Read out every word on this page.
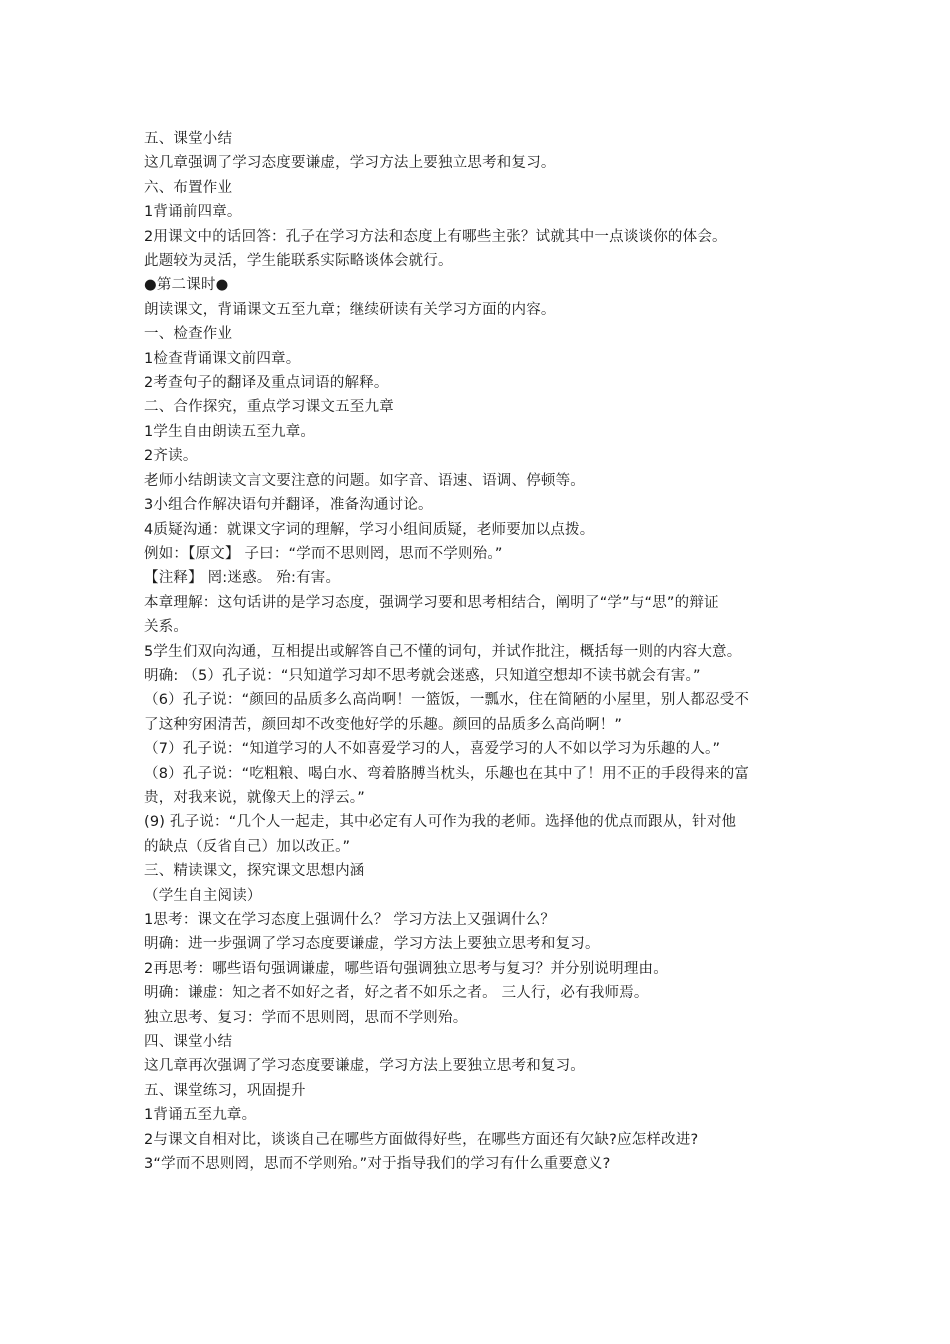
五、课堂小结
这几章强调了学习态度要谦虚，学习方法上要独立思考和复习。
六、布置作业
1背诵前四章。
2用课文中的话回答：孔子在学习方法和态度上有哪些主张？试就其中一点谈谈你的体会。
此题较为灵活，学生能联系实际略谈体会就行。
●第二课时●
朗读课文，背诵课文五至九章；继续研读有关学习方面的内容。
一、检查作业
1检查背诵课文前四章。
2考查句子的翻译及重点词语的解释。
二、合作探究，重点学习课文五至九章
1学生自由朗读五至九章。
2齐读。
老师小结朗读文言文要注意的问题。如字音、语速、语调、停顿等。
3小组合作解决语句并翻译，准备沟通讨论。
4质疑沟通：就课文字词的理解，学习小组间质疑，老师要加以点拨。
例如：【原文】 子曰：“学而不思则罔，思而不学则殆。”
【注释】 罔:迷惑。 殆:有害。
本章理解：这句话讲的是学习态度，强调学习要和思考相结合，阐明了“学”与“思”的辩证
关系。
5学生们双向沟通，互相提出或解答自己不懂的词句，并试作批注，概括每一则的内容大意。
明确: （5）孔子说：“只知道学习却不思考就会迷惑，只知道空想却不读书就会有害。”
（6）孔子说：“颜回的品质多么高尚啊！一篮饭，一瓢水，住在简陋的小屋里，别人都忍受不
了这种穷困清苦，颜回却不改变他好学的乐趣。颜回的品质多么高尚啊！”
（7）孔子说：“知道学习的人不如喜爱学习的人，喜爱学习的人不如以学习为乐趣的人。”
（8）孔子说：“吃粗粮、喝白水、弯着胳膊当枕头，乐趣也在其中了！用不正的手段得来的富
贵，对我来说，就像天上的浮云。”
(9) 孔子说：“几个人一起走，其中必定有人可作为我的老师。选择他的优点而跟从，针对他
的缺点（反省自己）加以改正。”
三、精读课文，探究课文思想内涵
（学生自主阅读）
1思考：课文在学习态度上强调什么？ 学习方法上又强调什么？
明确：进一步强调了学习态度要谦虚，学习方法上要独立思考和复习。
2再思考：哪些语句强调谦虚，哪些语句强调独立思考与复习？并分别说明理由。
明确：谦虚：知之者不如好之者，好之者不如乐之者。 三人行，必有我师焉。
独立思考、复习：学而不思则罔，思而不学则殆。
四、课堂小结
这几章再次强调了学习态度要谦虚，学习方法上要独立思考和复习。
五、课堂练习，巩固提升
1背诵五至九章。
2与课文自相对比，谈谈自己在哪些方面做得好些，在哪些方面还有欠缺?应怎样改进?
3“学而不思则罔，思而不学则殆。”对于指导我们的学习有什么重要意义?
